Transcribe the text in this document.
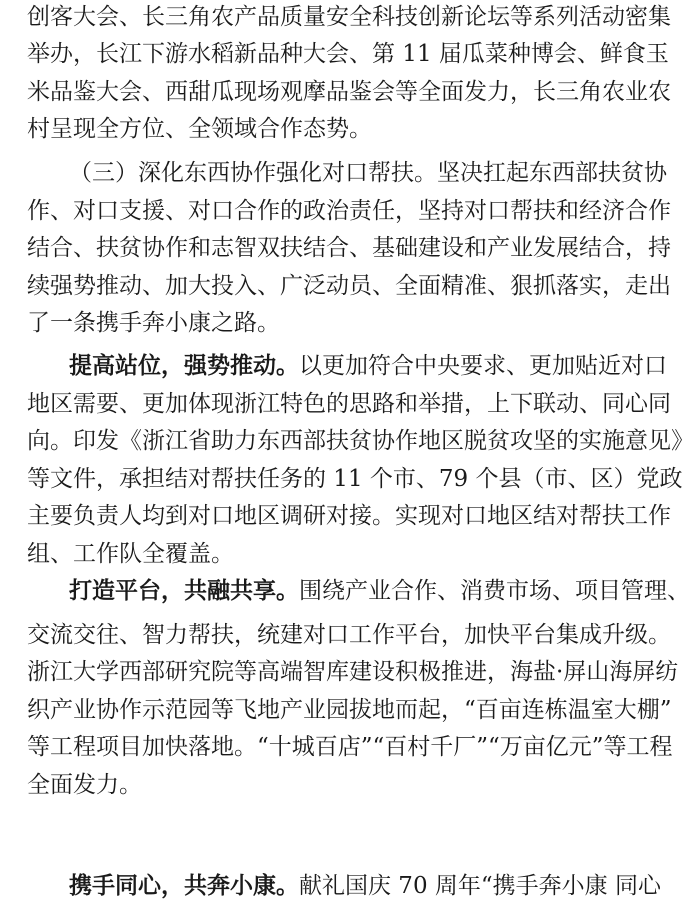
创客大会、长三角农产品质量安全科技创新论坛等系列活动密集
举办，长江下游水稻新品种大会、第 11 届瓜菜种博会、鲜食玉
米品鉴大会、西甜瓜现场观摩品鉴会等全面发力，长三角农业农
村呈现全方位、全领域合作态势。
（三）深化东西协作强化对口帮扶。坚决扛起东西部扶贫协
作、对口支援、对口合作的政治责任，坚持对口帮扶和经济合作
结合、扶贫协作和志智双扶结合、基础建设和产业发展结合，持
续强势推动、加大投入、广泛动员、全面精准、狠抓落实，走出
了一条携手奔小康之路。
提高站位，强势推动。以更加符合中央要求、更加贴近对口
地区需要、更加体现浙江特色的思路和举措，上下联动、同心同
向。印发《浙江省助力东西部扶贫协作地区脱贫攻坚的实施意见》
等文件，承担结对帮扶任务的 11 个市、79 个县（市、区）党政
主要负责人均到对口地区调研对接。实现对口地区结对帮扶工作
组、工作队全覆盖。
打造平台，共融共享。围绕产业合作、消费市场、项目管理、
交流交往、智力帮扶，统建对口工作平台，加快平台集成升级。
浙江大学西部研究院等高端智库建设积极推进，海盐·屏山海屏纺
织产业协作示范园等飞地产业园拔地而起，“百亩连栋温室大棚”
等工程项目加快落地。“十城百店”“百村千厂”“万亩亿元”等工程
全面发力。
携手同心，共奔小康。献礼国庆 70 周年“携手奔小康 同心
